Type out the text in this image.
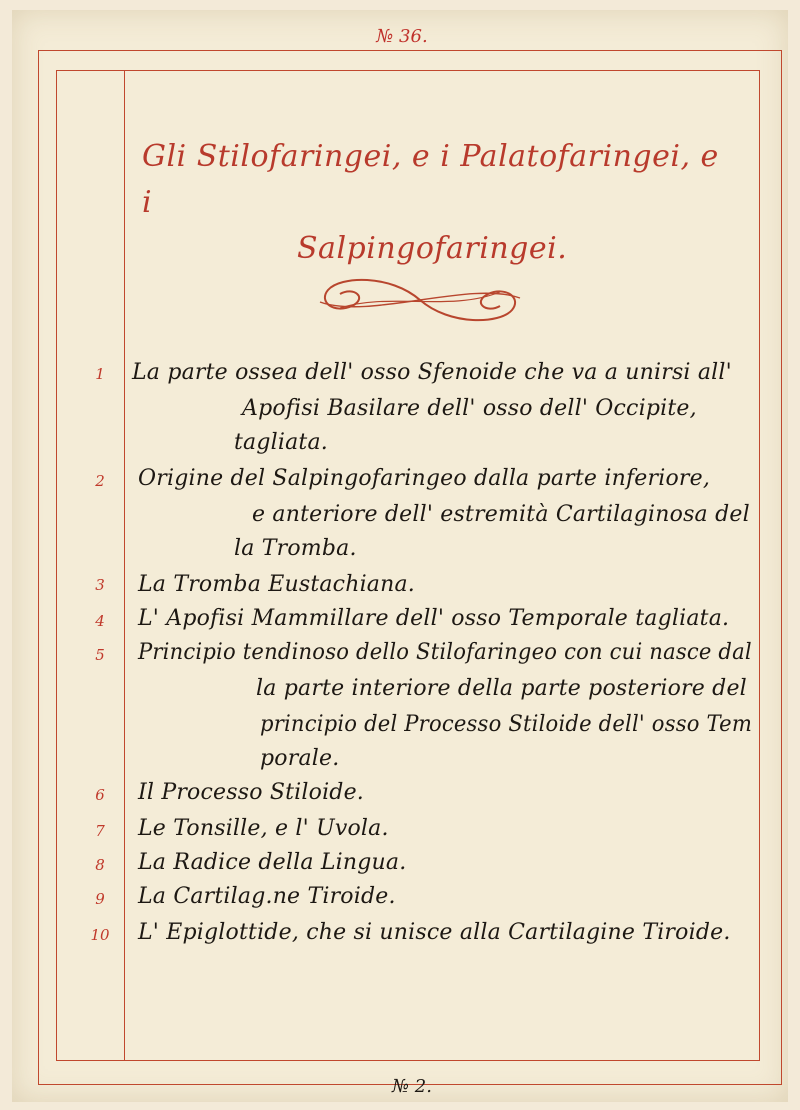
№ 36.
Gli Stilofaringei, e i Palatofaringei, e i
Salpingofaringei.
1
2
3
4
5
6
7
8
9
10
La parte ossea dell' osso Sfenoide che va a unirsi all'
Apofisi Basilare dell' osso dell' Occipite,
tagliata.
Origine del Salpingofaringeo dalla parte inferiore,
e anteriore dell' estremità Cartilaginosa del
la Tromba.
La Tromba Eustachiana.
L' Apofisi Mammillare dell' osso Temporale tagliata.
Principio tendinoso dello Stilofaringeo con cui nasce dal
la parte interiore della parte posteriore del
principio del Processo Stiloide dell' osso Tem
porale.
Il Processo Stiloide.
Le Tonsille, e l' Uvola.
La Radice della Lingua.
La Cartilag.ne Tiroide.
L' Epiglottide, che si unisce alla Cartilagine Tiroide.
№ 2.
